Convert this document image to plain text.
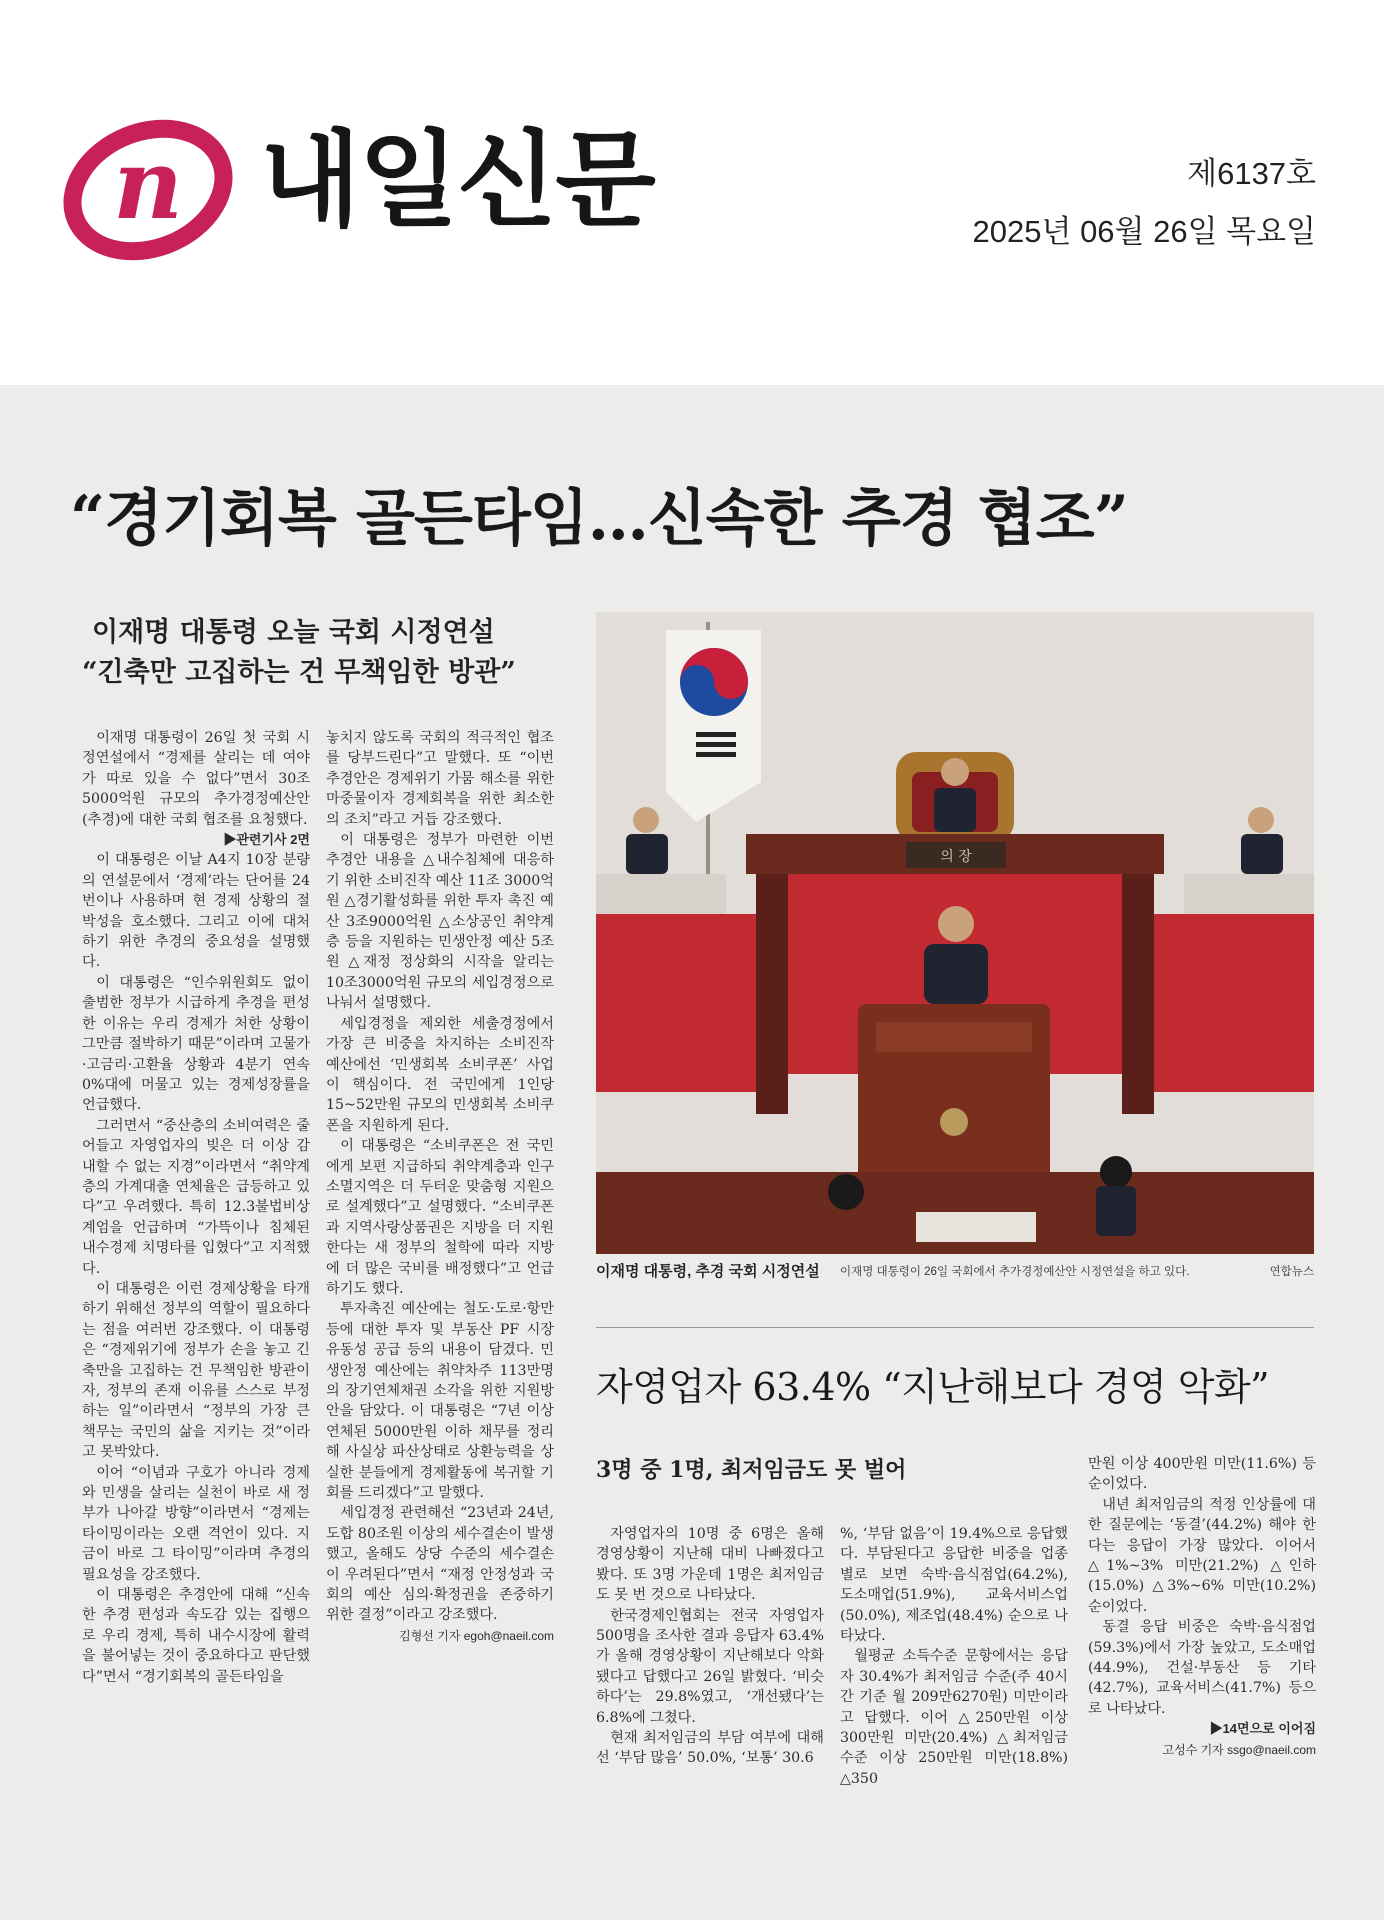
n 내일신문	제6137호
2025년 06월 26일 목요일
“경기회복 골든타임…신속한 추경 협조”
이재명 대통령 오늘 국회 시정연설
“긴축만 고집하는 건 무책임한 방관”

이재명 대통령이 26일 첫 국회 시정연설에서 “경제를 살리는 데 여야가 따로 있을 수 없다”면서 30조 5000억원 규모의 추가경정예산안(추경)에 대한 국회 협조를 요청했다.

▶관련기사 2면

이 대통령은 이날 A4지 10장 분량의 연설문에서 ‘경제’라는 단어를 24번이나 사용하며 현 경제 상황의 절박성을 호소했다. 그리고 이에 대처하기 위한 추경의 중요성을 설명했다.

이 대통령은 “인수위원회도 없이 출범한 정부가 시급하게 추경을 편성한 이유는 우리 경제가 처한 상황이 그만큼 절박하기 때문”이라며 고물가·고금리·고환율 상황과 4분기 연속 0%대에 머물고 있는 경제성장률을 언급했다.

그러면서 “중산층의 소비여력은 줄어들고 자영업자의 빚은 더 이상 감내할 수 없는 지경”이라면서 “취약계층의 가계대출 연체율은 급등하고 있다”고 우려했다. 특히 12.3불법비상계엄을 언급하며 “가뜩이나 침체된 내수경제 치명타를 입혔다”고 지적했다.

이 대통령은 이런 경제상황을 타개하기 위해선 정부의 역할이 필요하다는 점을 여러번 강조했다. 이 대통령은 “경제위기에 정부가 손을 놓고 긴축만을 고집하는 건 무책임한 방관이자, 정부의 존재 이유를 스스로 부정하는 일”이라면서 “정부의 가장 큰 책무는 국민의 삶을 지키는 것”이라고 못박았다.

이어 “이념과 구호가 아니라 경제와 민생을 살리는 실천이 바로 새 정부가 나아갈 방향”이라면서 “경제는 타이밍이라는 오랜 격언이 있다. 지금이 바로 그 타이밍”이라며 추경의 필요성을 강조했다.

이 대통령은 추경안에 대해 “신속한 추경 편성과 속도감 있는 집행으로 우리 경제, 특히 내수시장에 활력을 불어넣는 것이 중요하다고 판단했다”면서 “경기회복의 골든타임을

놓치지 않도록 국회의 적극적인 협조를 당부드린다”고 말했다. 또 “이번 추경안은 경제위기 가뭄 해소를 위한 마중물이자 경제회복을 위한 최소한의 조치”라고 거듭 강조했다.

이 대통령은 정부가 마련한 이번 추경안 내용을 △내수침체에 대응하기 위한 소비진작 예산 11조 3000억원 △경기활성화를 위한 투자 촉진 예산 3조9000억원 △소상공인 취약계층 등을 지원하는 민생안정 예산 5조원 △재정 정상화의 시작을 알리는 10조3000억원 규모의 세입경정으로 나눠서 설명했다.

세입경정을 제외한 세출경정에서 가장 큰 비중을 차지하는 소비진작 예산에선 ‘민생회복 소비쿠폰’ 사업이 핵심이다. 전 국민에게 1인당 15~52만원 규모의 민생회복 소비쿠폰을 지원하게 된다.

이 대통령은 “소비쿠폰은 전 국민에게 보편 지급하되 취약계층과 인구소멸지역은 더 두터운 맞춤형 지원으로 설계했다”고 설명했다. “소비쿠폰과 지역사랑상품권은 지방을 더 지원한다는 새 정부의 철학에 따라 지방에 더 많은 국비를 배정했다”고 언급하기도 했다.

투자촉진 예산에는 철도·도로·항만 등에 대한 투자 및 부동산 PF 시장 유동성 공급 등의 내용이 담겼다. 민생안정 예산에는 취약차주 113만명의 장기연체채권 소각을 위한 지원방안을 담았다. 이 대통령은 “7년 이상 연체된 5000만원 이하 채무를 정리해 사실상 파산상태로 상환능력을 상실한 분들에게 경제활동에 복귀할 기회를 드리겠다”고 말했다.

세입경정 관련해선 “23년과 24년, 도합 80조원 이상의 세수결손이 발생했고, 올해도 상당 수준의 세수결손이 우려된다”면서 “재정 안정성과 국회의 예산 심의·확정권을 존중하기 위한 결정”이라고 강조했다.

김형선 기자 egoh@naeil.com

의 장
이재명 대통령, 추경 국회 시정연설 이재명 대통령이 26일 국회에서 추가경정예산안 시정연설을 하고 있다.	연합뉴스
자영업자 63.4% “지난해보다 경영 악화”
3명 중 1명, 최저임금도 못 벌어

자영업자의 10명 중 6명은 올해 경영상황이 지난해 대비 나빠졌다고 봤다. 또 3명 가운데 1명은 최저임금도 못 번 것으로 나타났다.

한국경제인협회는 전국 자영업자 500명을 조사한 결과 응답자 63.4%가 올해 경영상황이 지난해보다 악화됐다고 답했다고 26일 밝혔다. ‘비슷하다’는 29.8%였고, ‘개선됐다’는 6.8%에 그쳤다.

현재 최저임금의 부담 여부에 대해선 ‘부담 많음’ 50.0%, ‘보통’ 30.6

%, ‘부담 없음’이 19.4%으로 응답했다. 부담된다고 응답한 비중을 업종별로 보면 숙박·음식점업(64.2%), 도소매업(51.9%), 교육서비스업(50.0%), 제조업(48.4%) 순으로 나타났다.

월평균 소득수준 문항에서는 응답자 30.4%가 최저임금 수준(주 40시간 기준 월 209만6270원) 미만이라고 답했다. 이어 △250만원 이상 300만원 미만(20.4%) △최저임금 수준 이상 250만원 미만(18.8%) △350

만원 이상 400만원 미만(11.6%) 등 순이었다.

내년 최저임금의 적정 인상률에 대한 질문에는 ‘동결’(44.2%) 해야 한다는 응답이 가장 많았다. 이어서 △1%~3% 미만(21.2%) △인하(15.0%) △3%~6% 미만(10.2%) 순이었다.

동결 응답 비중은 숙박·음식점업(59.3%)에서 가장 높았고, 도소매업(44.9%), 건설·부동산 등 기타(42.7%), 교육서비스(41.7%) 등으로 나타났다.

▶14면으로 이어짐

고성수 기자 ssgo@naeil.com
